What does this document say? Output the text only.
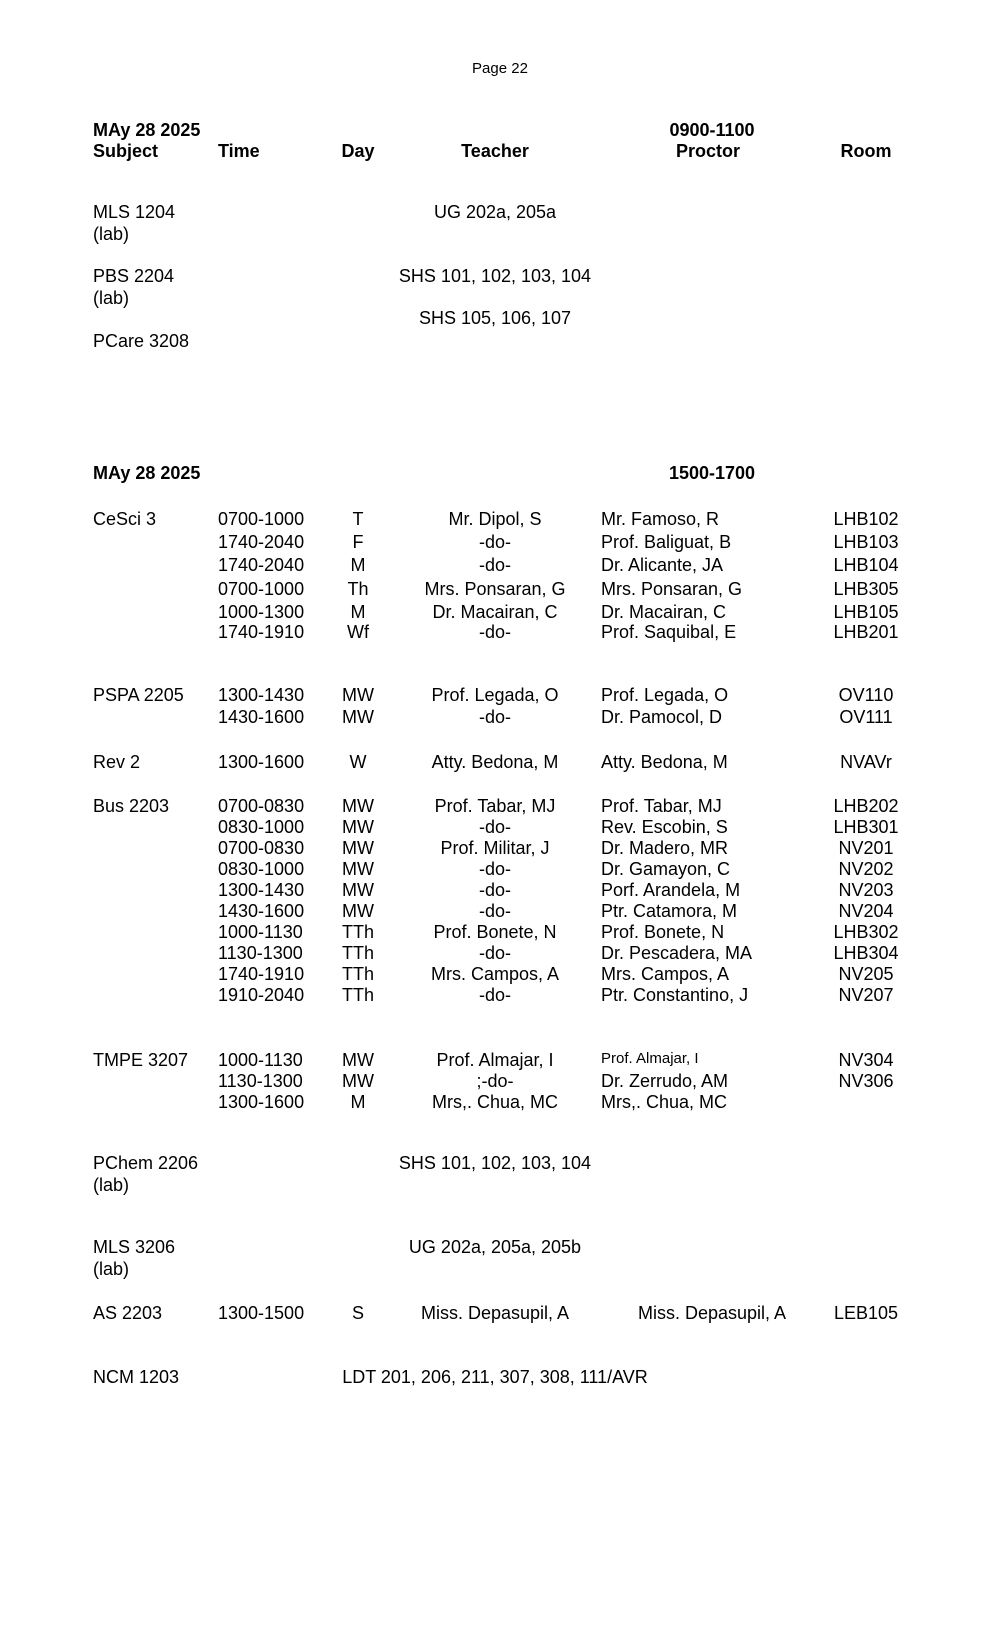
Page 22
MAy 28 2025	0900-1100
Subject	Time	Day	Teacher	Proctor	Room
MLS 1204	UG 202a, 205a
(lab)
PBS 2204	SHS 101, 102, 103, 104
(lab)
SHS 105, 106, 107
PCare 3208
MAy 28 2025	1500-1700
CeSci 3	0700-1000	T	Mr. Dipol, S	Mr. Famoso, R	LHB102
1740-2040	F	-do-	Prof. Baliguat, B	LHB103
1740-2040	M	-do-	Dr. Alicante, JA	LHB104
0700-1000 Th	Mrs. Ponsaran, G	Mrs. Ponsaran, G	LHB305
1000-1300	M	Dr. Macairan, C	Dr. Macairan, C	LHB105
1740-1910 Wf	-do-	Prof. Saquibal, E	LHB201
PSPA 2205 1300-1430 MW	Prof. Legada, O	Prof. Legada, O	OV110
1430-1600 MW	-do-	Dr. Pamocol, D	OV111
Rev 2	1300-1600	W	Atty. Bedona, M	Atty. Bedona, M	NVAVr
Bus 2203	0700-0830 MW	Prof. Tabar, MJ	Prof. Tabar, MJ	LHB202
0830-1000 MW	-do-	Rev. Escobin, S	LHB301
0700-0830 MW	Prof. Militar, J	Dr. Madero, MR	NV201
0830-1000 MW	-do-	Dr. Gamayon, C	NV202
1300-1430 MW	-do-	Porf. Arandela, M	NV203
1430-1600 MW	-do-	Ptr. Catamora, M	NV204
1000-1130 TTh	Prof. Bonete, N	Prof. Bonete, N	LHB302
1130-1300 TTh	-do-	Dr. Pescadera, MA	LHB304
1740-1910 TTh	Mrs. Campos, A	Mrs. Campos, A	NV205
1910-2040 TTh	-do-	Ptr. Constantino, J	NV207
TMPE 3207 1000-1130 MW	Prof. Almajar, I	Prof. Almajar, I	NV304
1130-1300 MW	;-do-	Dr. Zerrudo, AM	NV306
1300-1600	M	Mrs,. Chua, MC	Mrs,. Chua, MC
PChem 2206	SHS 101, 102, 103, 104
(lab)
MLS 3206	UG 202a, 205a, 205b
(lab)
AS 2203	1300-1500	S	Miss. Depasupil, A	Miss. Depasupil, A	LEB105
NCM 1203	LDT 201, 206, 211, 307, 308, 111/AVR
